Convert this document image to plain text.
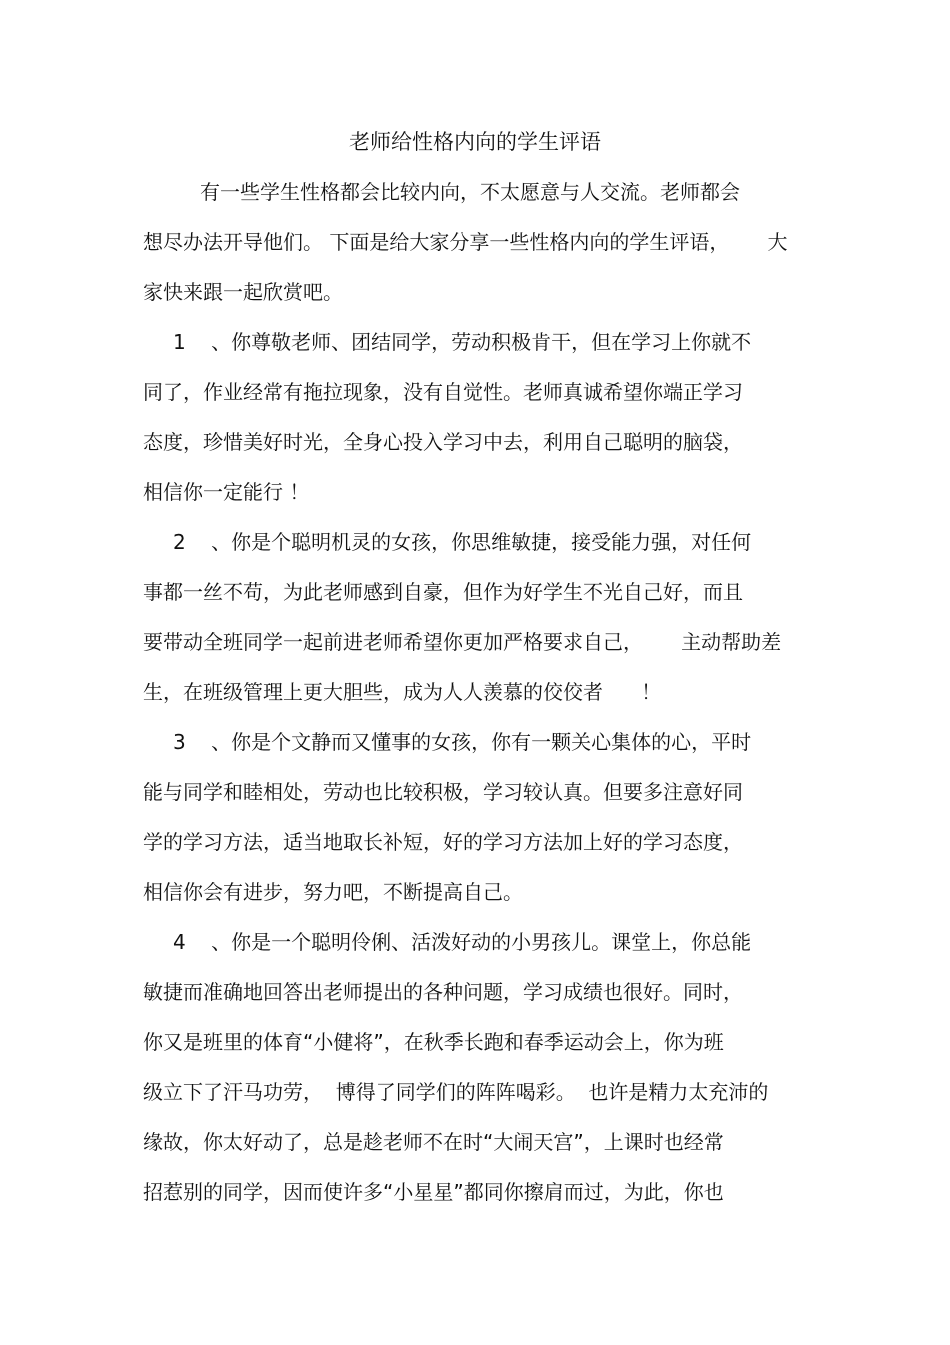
老师给性格内向的学生评语
有一些学生性格都会比较内向，不太愿意与人交流。老师都会
想尽办法开导他们。 下面是给大家分享一些性格内向的学生评语，      大
家快来跟一起欣赏吧。
1    、你尊敬老师、团结同学，劳动积极肯干，但在学习上你就不
同了，作业经常有拖拉现象，没有自觉性。老师真诚希望你端正学习
态度，珍惜美好时光，全身心投入学习中去，利用自己聪明的脑袋，
相信你一定能行 ！
2    、你是个聪明机灵的女孩，你思维敏捷，接受能力强，对任何
事都一丝不苟，为此老师感到自豪，但作为好学生不光自己好，而且
要带动全班同学一起前进老师希望你更加严格要求自己，      主动帮助差
生，在班级管理上更大胆些，成为人人羡慕的佼佼者      ！
3    、你是个文静而又懂事的女孩，你有一颗关心集体的心，平时
能与同学和睦相处，劳动也比较积极，学习较认真。但要多注意好同
学的学习方法，适当地取长补短，好的学习方法加上好的学习态度，
相信你会有进步，努力吧，不断提高自己。
4    、你是一个聪明伶俐、活泼好动的小男孩儿。课堂上，你总能
敏捷而准确地回答出老师提出的各种问题，学习成绩也很好。同时，
你又是班里的体育“小健将”，在秋季长跑和春季运动会上，你为班
级立下了汗马功劳，  博得了同学们的阵阵喝彩。  也许是精力太充沛的
缘故，你太好动了，总是趁老师不在时“大闹天宫”，上课时也经常
招惹别的同学，因而使许多“小星星”都同你擦肩而过，为此，你也
